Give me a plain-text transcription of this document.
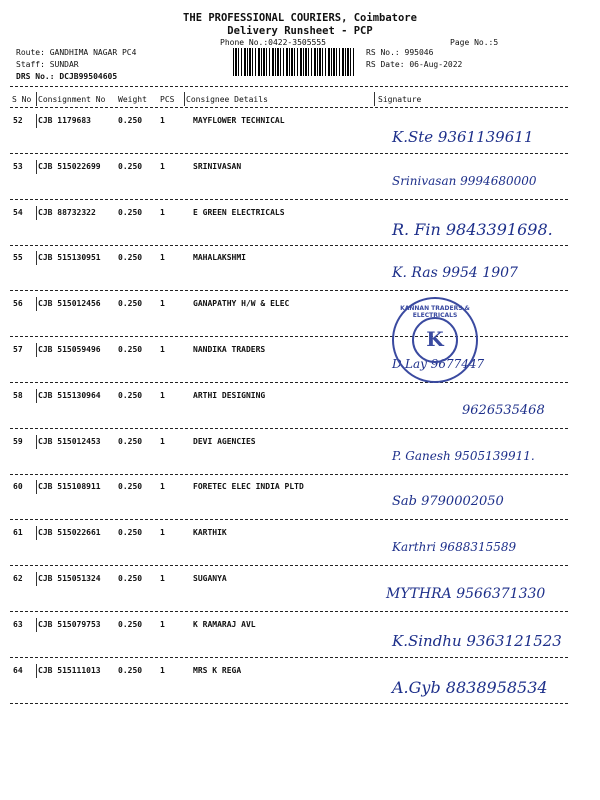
THE PROFESSIONAL COURIERS, Coimbatore
Delivery Runsheet - PCP
Phone No.:0422-3505555	Page No.:5
Route: GANDHIMA NAGAR PC4
Staff: SUNDAR
DRS No.: DCJB99504605
RS No.: 995046
RS Date: 06-Aug-2022
S No Consignment No Weight PCS Consignee Details	Signature
52 CJB 1179683	0.250 1	MAYFLOWER TECHNICAL
K.Ste 9361139611
53 CJB 515022699 0.250 1	SRINIVASAN
Srinivasan 9994680000
54 CJB 88732322	0.250 1	E GREEN ELECTRICALS
R. Fin 9843391698.
55 CJB 515130951 0.250 1	MAHALAKSHMI
K. Ras 9954 1907
56 CJB 515012456 0.250 1	GANAPATHY H/W & ELEC
57 CJB 515059496 0.250 1	NANDIKA TRADERS
D.Lay 9677447
58 CJB 515130964 0.250 1	ARTHI DESIGNING
9626535468
59 CJB 515012453 0.250 1	DEVI AGENCIES
P. Ganesh 9505139911.
60 CJB 515108911 0.250 1	FORETEC ELEC INDIA PLTD
Sab 9790002050
61 CJB 515022661 0.250 1	KARTHIK
Karthri 9688315589
62 CJB 515051324 0.250 1	SUGANYA
MYTHRA 9566371330
63 CJB 515079753 0.250 1	K RAMARAJ AVL
K.Sindhu 9363121523
64 CJB 515111013 0.250 1	MRS K REGA
A.Gyb 8838958534
KANNAN TRADERS & ELECTRICALS
K
